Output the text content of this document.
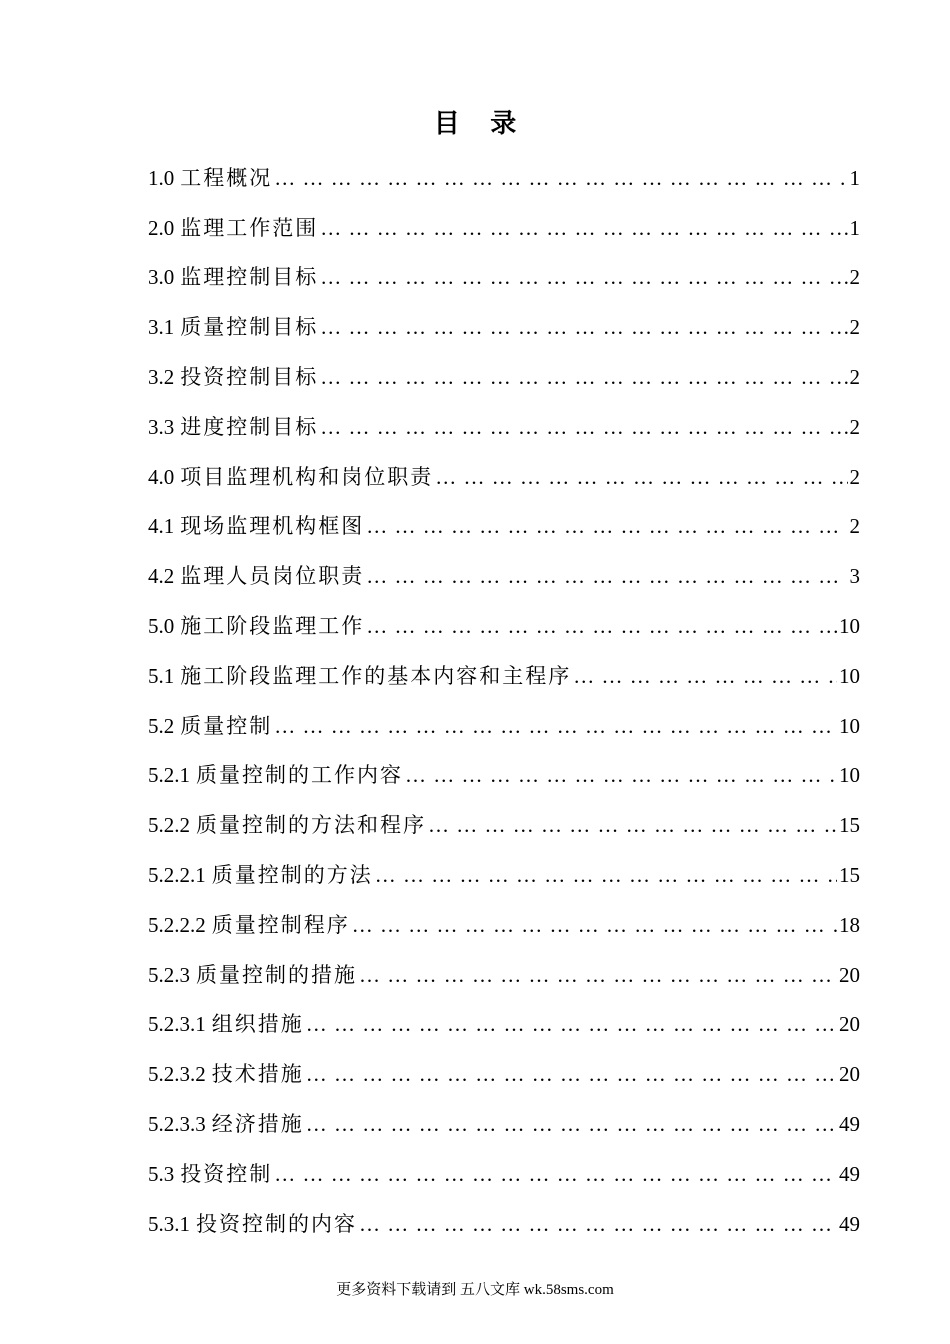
目 录
1.0 工程概况 … … … … … … … … … … … … … … … … … … … … … … … … … … … … … … … … … … … … … … … … … … … … … … … …	1
2.0 监理工作范围 … … … … … … … … … … … … … … … … … … … … … … … … … … … … … … … … … … … … … … … … … … … … … … … …	1
3.0 监理控制目标 … … … … … … … … … … … … … … … … … … … … … … … … … … … … … … … … … … … … … … … … … … … … … … … …	2
3.1 质量控制目标 … … … … … … … … … … … … … … … … … … … … … … … … … … … … … … … … … … … … … … … … … … … … … … … …	2
3.2 投资控制目标 … … … … … … … … … … … … … … … … … … … … … … … … … … … … … … … … … … … … … … … … … … … … … … … …	2
3.3 进度控制目标 … … … … … … … … … … … … … … … … … … … … … … … … … … … … … … … … … … … … … … … … … … … … … … … …	2
4.0 项目监理机构和岗位职责 … … … … … … … … … … … … … … … … … … … … … … … … … … … … … … … … … … … … … … … … … … … … … … … …	2
4.1 现场监理机构框图 … … … … … … … … … … … … … … … … … … … … … … … … … … … … … … … … … … … … … … … … … … … … … … … …	2
4.2 监理人员岗位职责 … … … … … … … … … … … … … … … … … … … … … … … … … … … … … … … … … … … … … … … … … … … … … … … …	3
5.0 施工阶段监理工作 … … … … … … … … … … … … … … … … … … … … … … … … … … … … … … … … … … … … … … … … … … … … … … … …	10
5.1 施工阶段监理工作的基本内容和主程序 … … … … … … … … … … … … … … … … … … … … … … … … … … … … … … … … … … … … … … … … … … … … … … … …	10
5.2 质量控制 … … … … … … … … … … … … … … … … … … … … … … … … … … … … … … … … … … … … … … … … … … … … … … … …	10
5.2.1 质量控制的工作内容 … … … … … … … … … … … … … … … … … … … … … … … … … … … … … … … … … … … … … … … … … … … … … … … …	10
5.2.2 质量控制的方法和程序 … … … … … … … … … … … … … … … … … … … … … … … … … … … … … … … … … … … … … … … … … … … … … … … …	15
5.2.2.1 质量控制的方法 … … … … … … … … … … … … … … … … … … … … … … … … … … … … … … … … … … … … … … … … … … … … … … … …	15
5.2.2.2 质量控制程序 … … … … … … … … … … … … … … … … … … … … … … … … … … … … … … … … … … … … … … … … … … … … … … … …	18
5.2.3 质量控制的措施 … … … … … … … … … … … … … … … … … … … … … … … … … … … … … … … … … … … … … … … … … … … … … … … …	20
5.2.3.1 组织措施 … … … … … … … … … … … … … … … … … … … … … … … … … … … … … … … … … … … … … … … … … … … … … … … …	20
5.2.3.2 技术措施 … … … … … … … … … … … … … … … … … … … … … … … … … … … … … … … … … … … … … … … … … … … … … … … …	20
5.2.3.3 经济措施 … … … … … … … … … … … … … … … … … … … … … … … … … … … … … … … … … … … … … … … … … … … … … … … …	49
5.3 投资控制 … … … … … … … … … … … … … … … … … … … … … … … … … … … … … … … … … … … … … … … … … … … … … … … …	49
5.3.1 投资控制的内容 … … … … … … … … … … … … … … … … … … … … … … … … … … … … … … … … … … … … … … … … … … … … … … … …	49
更多资料下载请到 五八文库 wk.58sms.com
